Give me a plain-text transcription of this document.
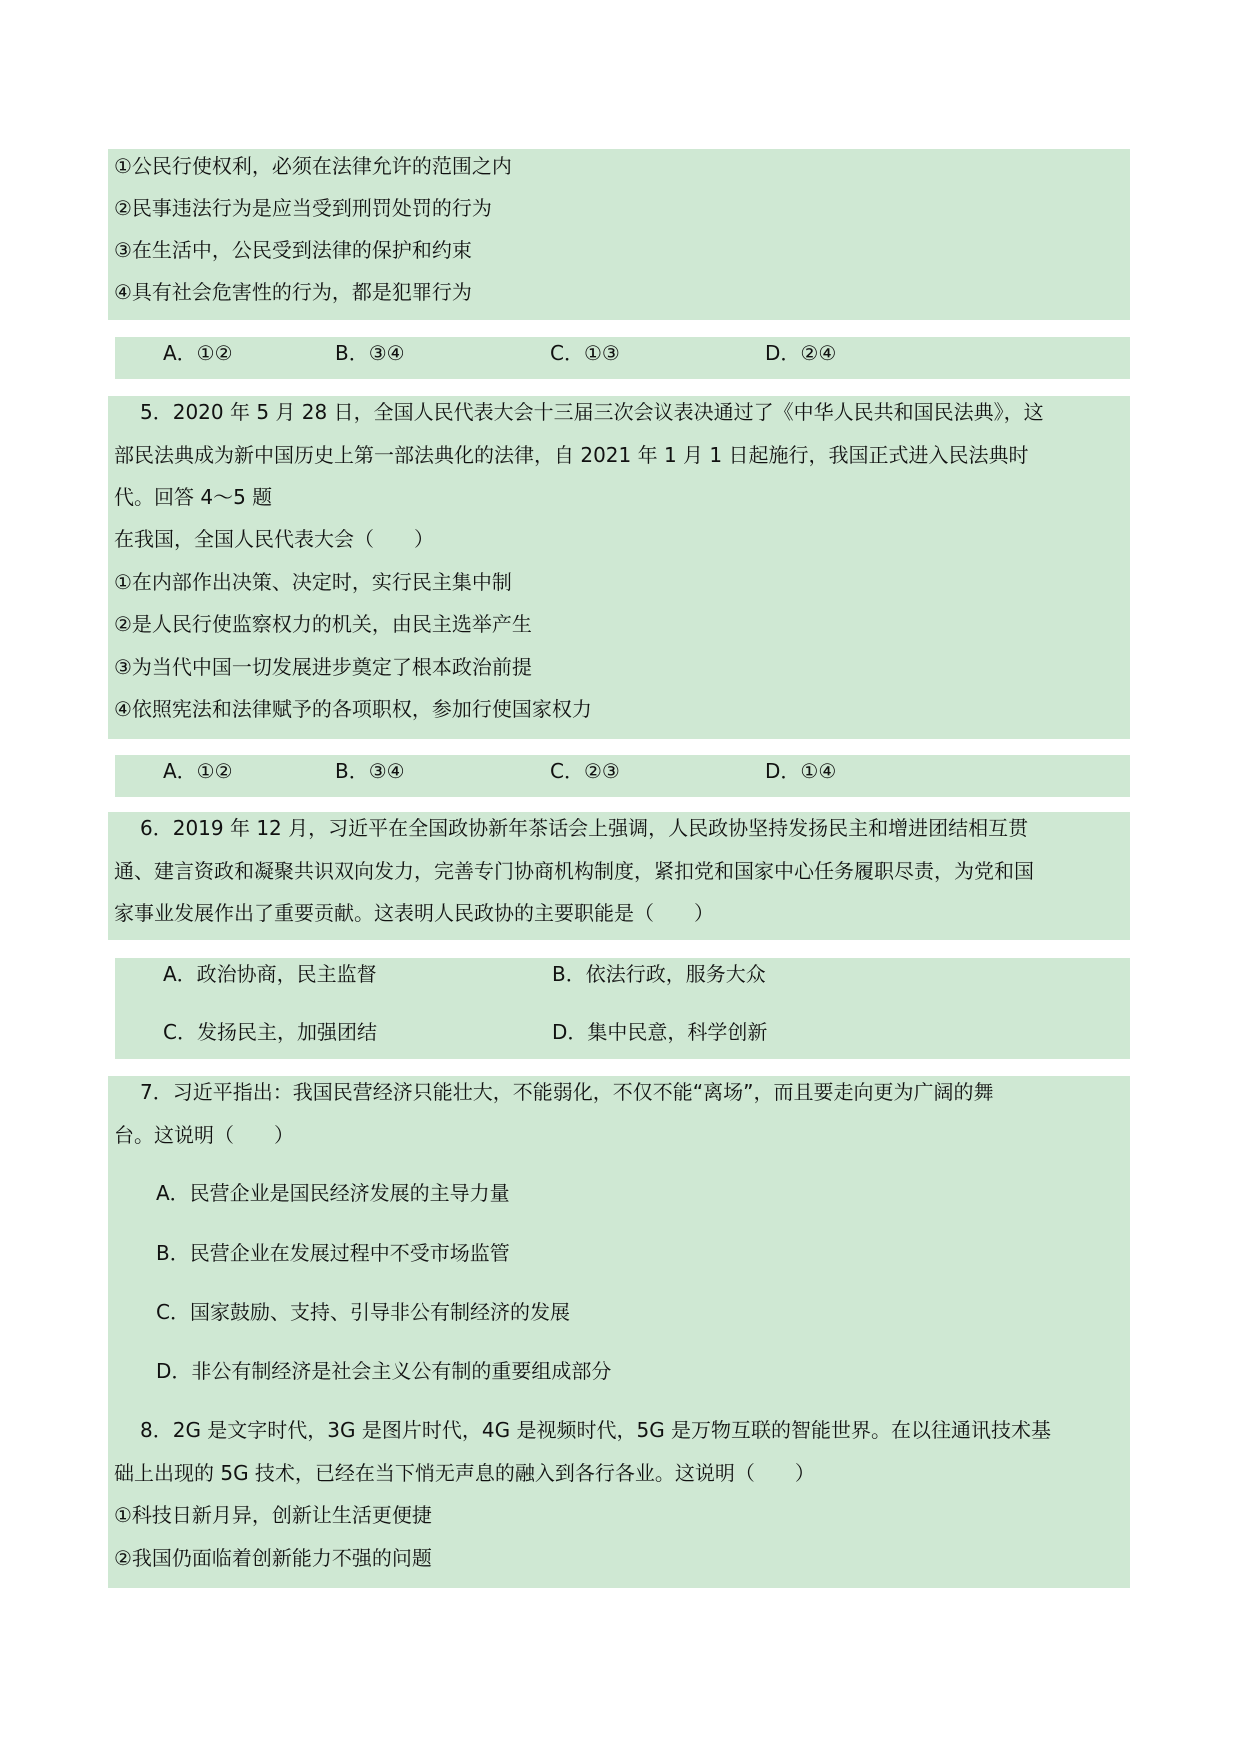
①公民行使权利，必须在法律允许的范围之内
②民事违法行为是应当受到刑罚处罚的行为
③在生活中，公民受到法律的保护和约束
④具有社会危害性的行为，都是犯罪行为
A．①②	B．③④	C．①③	D．②④
5．2020 年 5 月 28 日，全国人民代表大会十三届三次会议表决通过了《中华人民共和国民法典》，这
部民法典成为新中国历史上第一部法典化的法律，自 2021 年 1 月 1 日起施行，我国正式进入民法典时
代。回答 4～5 题
在我国，全国人民代表大会（　　）
①在内部作出决策、决定时，实行民主集中制
②是人民行使监察权力的机关，由民主选举产生
③为当代中国一切发展进步奠定了根本政治前提
④依照宪法和法律赋予的各项职权，参加行使国家权力
A．①②	B．③④	C．②③	D．①④
6．2019 年 12 月，习近平在全国政协新年茶话会上强调，人民政协坚持发扬民主和增进团结相互贯
通、建言资政和凝聚共识双向发力，完善专门协商机构制度，紧扣党和国家中心任务履职尽责，为党和国
家事业发展作出了重要贡献。这表明人民政协的主要职能是（　　）
A．政治协商，民主监督	B．依法行政，服务大众
C．发扬民主，加强团结	D．集中民意，科学创新
7．习近平指出：我国民营经济只能壮大，不能弱化，不仅不能“离场”，而且要走向更为广阔的舞
台。这说明（　　）
A．民营企业是国民经济发展的主导力量
B．民营企业在发展过程中不受市场监管
C．国家鼓励、支持、引导非公有制经济的发展
D．非公有制经济是社会主义公有制的重要组成部分
8．2G 是文字时代，3G 是图片时代，4G 是视频时代，5G 是万物互联的智能世界。在以往通讯技术基
础上出现的 5G 技术，已经在当下悄无声息的融入到各行各业。这说明（　　）
①科技日新月异，创新让生活更便捷
②我国仍面临着创新能力不强的问题
